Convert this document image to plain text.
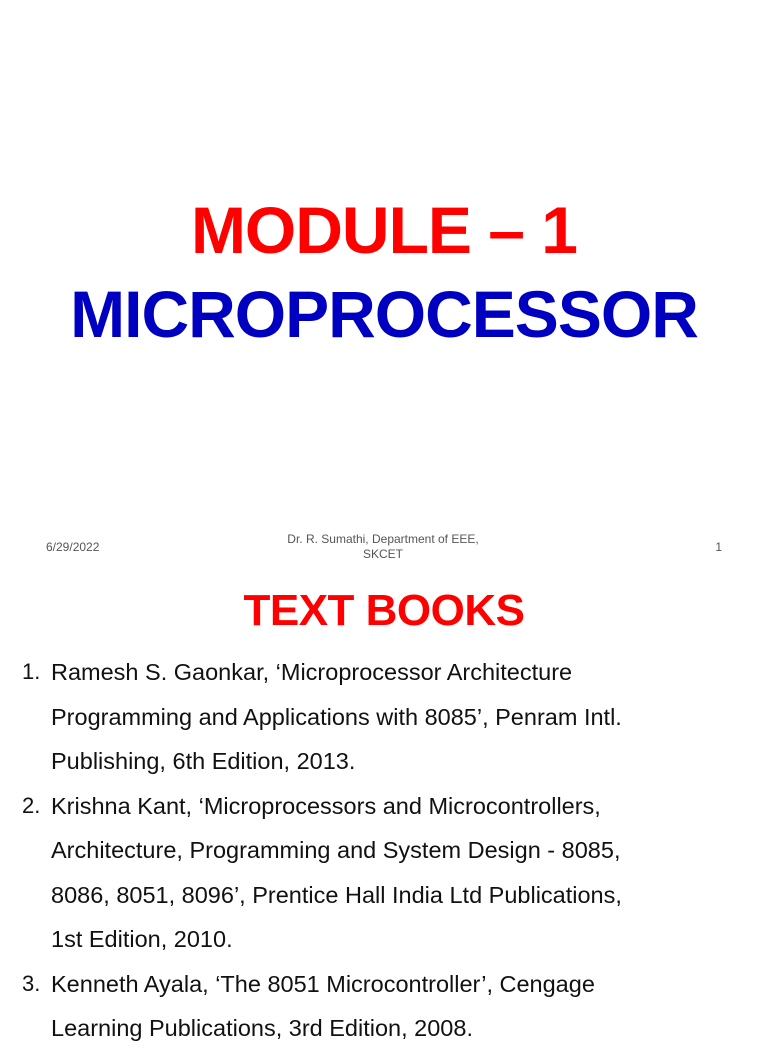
MODULE – 1
MICROPROCESSOR
6/29/2022
Dr. R. Sumathi, Department of EEE,
SKCET	1
TEXT BOOKS
1. Ramesh S. Gaonkar, ‘Microprocessor Architecture
Programming and Applications with 8085’, Penram Intl.
Publishing, 6th Edition, 2013.
2. Krishna Kant, ‘Microprocessors and Microcontrollers,
Architecture, Programming and System Design - 8085,
8086, 8051, 8096’, Prentice Hall India Ltd Publications,
1st Edition, 2010.
3. Kenneth Ayala, ‘The 8051 Microcontroller’, Cengage
Learning Publications, 3rd Edition, 2008.
